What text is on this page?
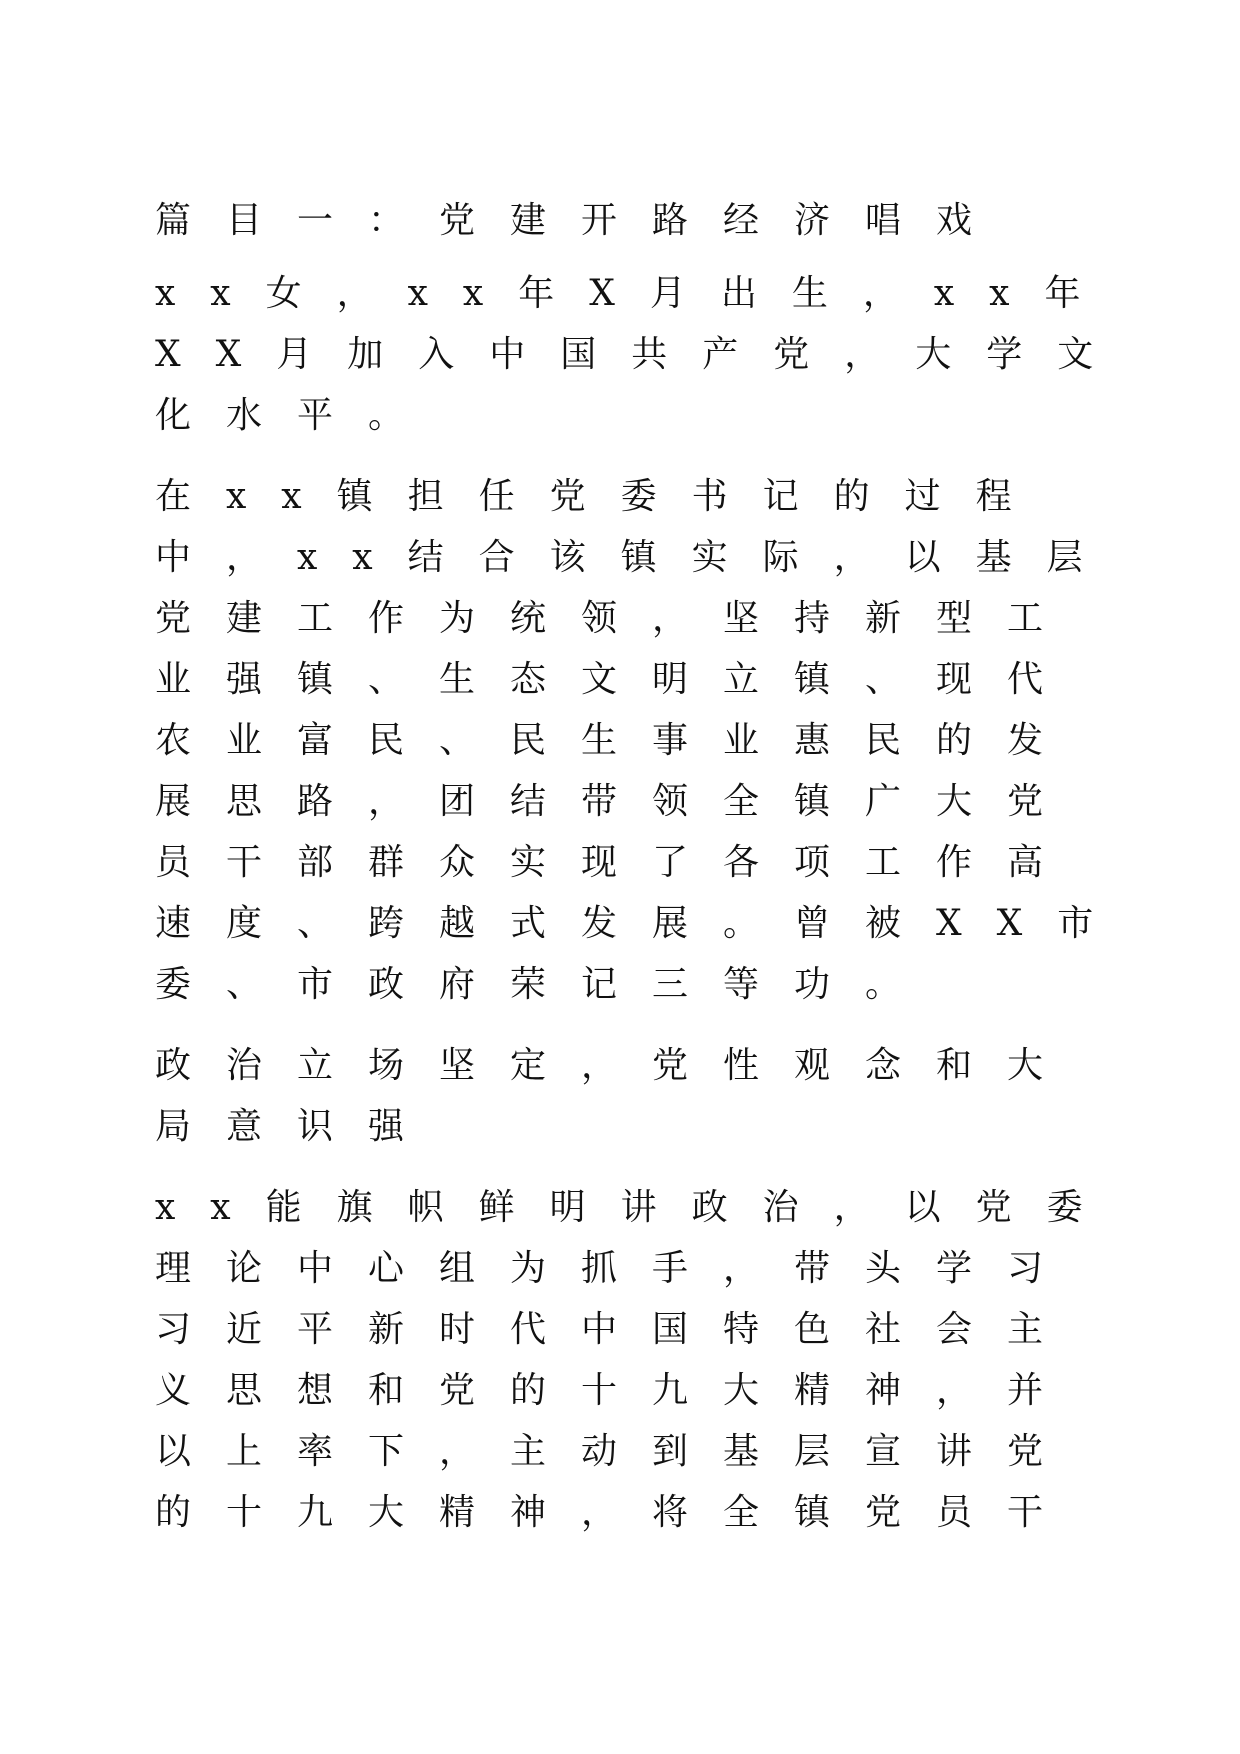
篇目一：党建开路经济唱戏

xx女，xx年X月出生，xx年XX月加入中国共产党，大学文化水平。

在xx镇担任党委书记的过程中，xx结合该镇实际，以基层党建工作为统领，坚持新型工业强镇、生态文明立镇、现代农业富民、民生事业惠民的发展思路，团结带领全镇广大党员干部群众实现了各项工作高速度、跨越式发展。曾被XX市委、市政府荣记三等功。

政治立场坚定，党性观念和大局意识强

xx能旗帜鲜明讲政治，以党委理论中心组为抓手，带头学习习近平新时代中国特色社会主义思想和党的十九大精神，并以上率下，主动到基层宣讲党的十九大精神，将全镇党员干
